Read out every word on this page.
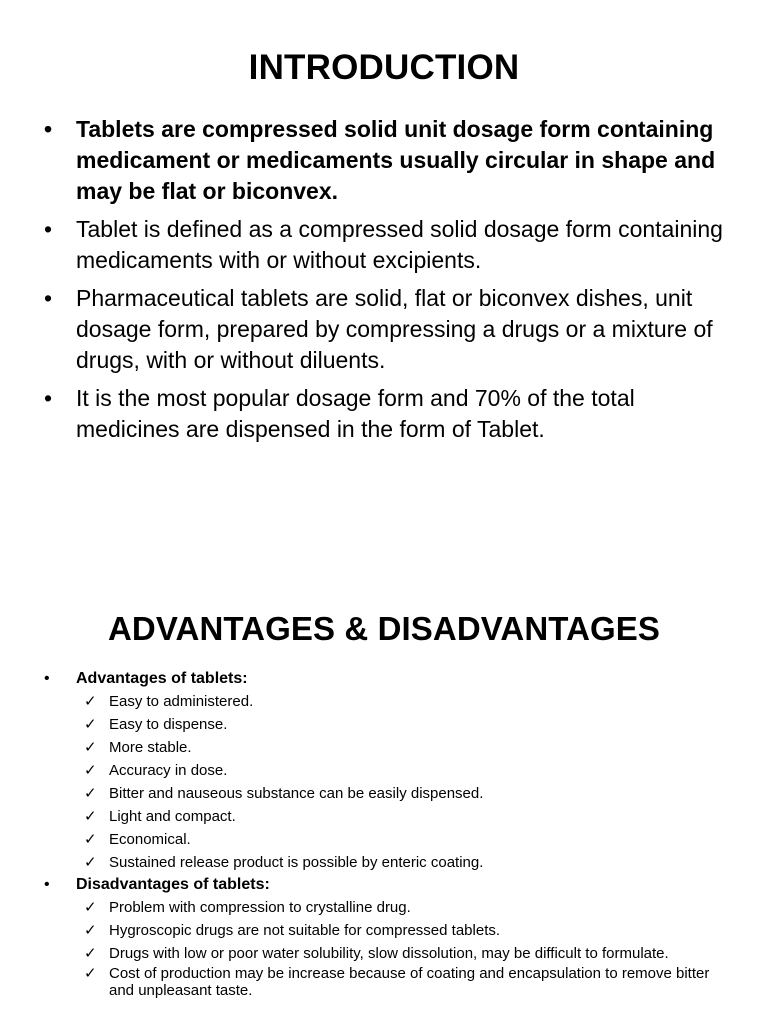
INTRODUCTION
• Tablets are compressed solid unit dosage form containing medicament or medicaments usually circular in shape and may be flat or biconvex.
• Tablet is defined as a compressed solid dosage form containing medicaments with or without excipients.
• Pharmaceutical tablets are solid, flat or biconvex dishes, unit dosage form, prepared by compressing a drugs or a mixture of drugs, with or without diluents.
• It is the most popular dosage form and 70% of the total medicines are dispensed in the form of Tablet.
ADVANTAGES & DISADVANTAGES
• Advantages of tablets:
✓ Easy to administered.
✓ Easy to dispense.
✓ More stable.
✓ Accuracy in dose.
✓ Bitter and nauseous substance can be easily dispensed.
✓ Light and compact.
✓ Economical.
✓ Sustained release product is possible by enteric coating.
• Disadvantages of tablets:
✓ Problem with compression to crystalline drug.
✓ Hygroscopic drugs are not suitable for compressed tablets.
✓ Drugs with low or poor water solubility, slow dissolution, may be difficult to formulate.
✓ Cost of production may be increase because of coating and encapsulation to remove bitter and unpleasant taste.
